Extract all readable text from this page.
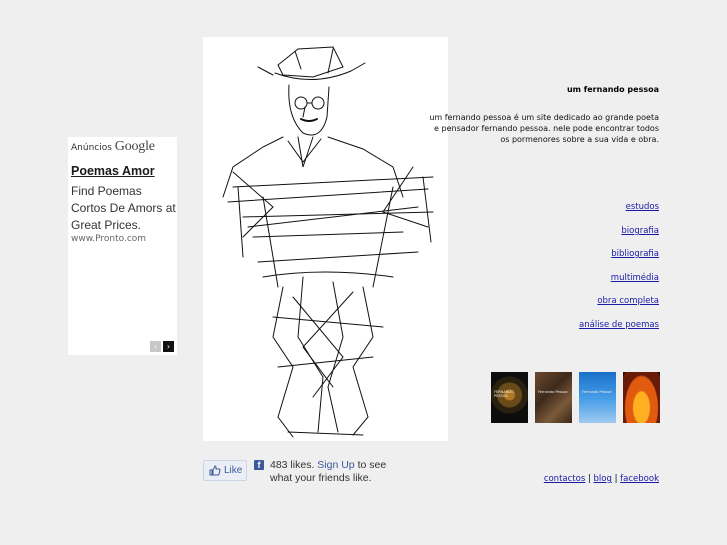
Anúncios Google
Poemas Amor
Find Poemas Cortos De Amors at Great Prices.
www.Pronto.com
‹	›
Like	f 483 likes. Sign Up to see what your friends like.
um fernando pessoa
um fernando pessoa é um site dedicado ao grande poeta e pensador fernando pessoa. nele pode encontrar todos os pormenores sobre a sua vida e obra.
estudos
biografia
bibliografia
multimédia
obra completa
análise de poemas
FERNANDO PESSOA
Fernando Pessoa	Fernando Pessoa
contactos | blog | facebook
